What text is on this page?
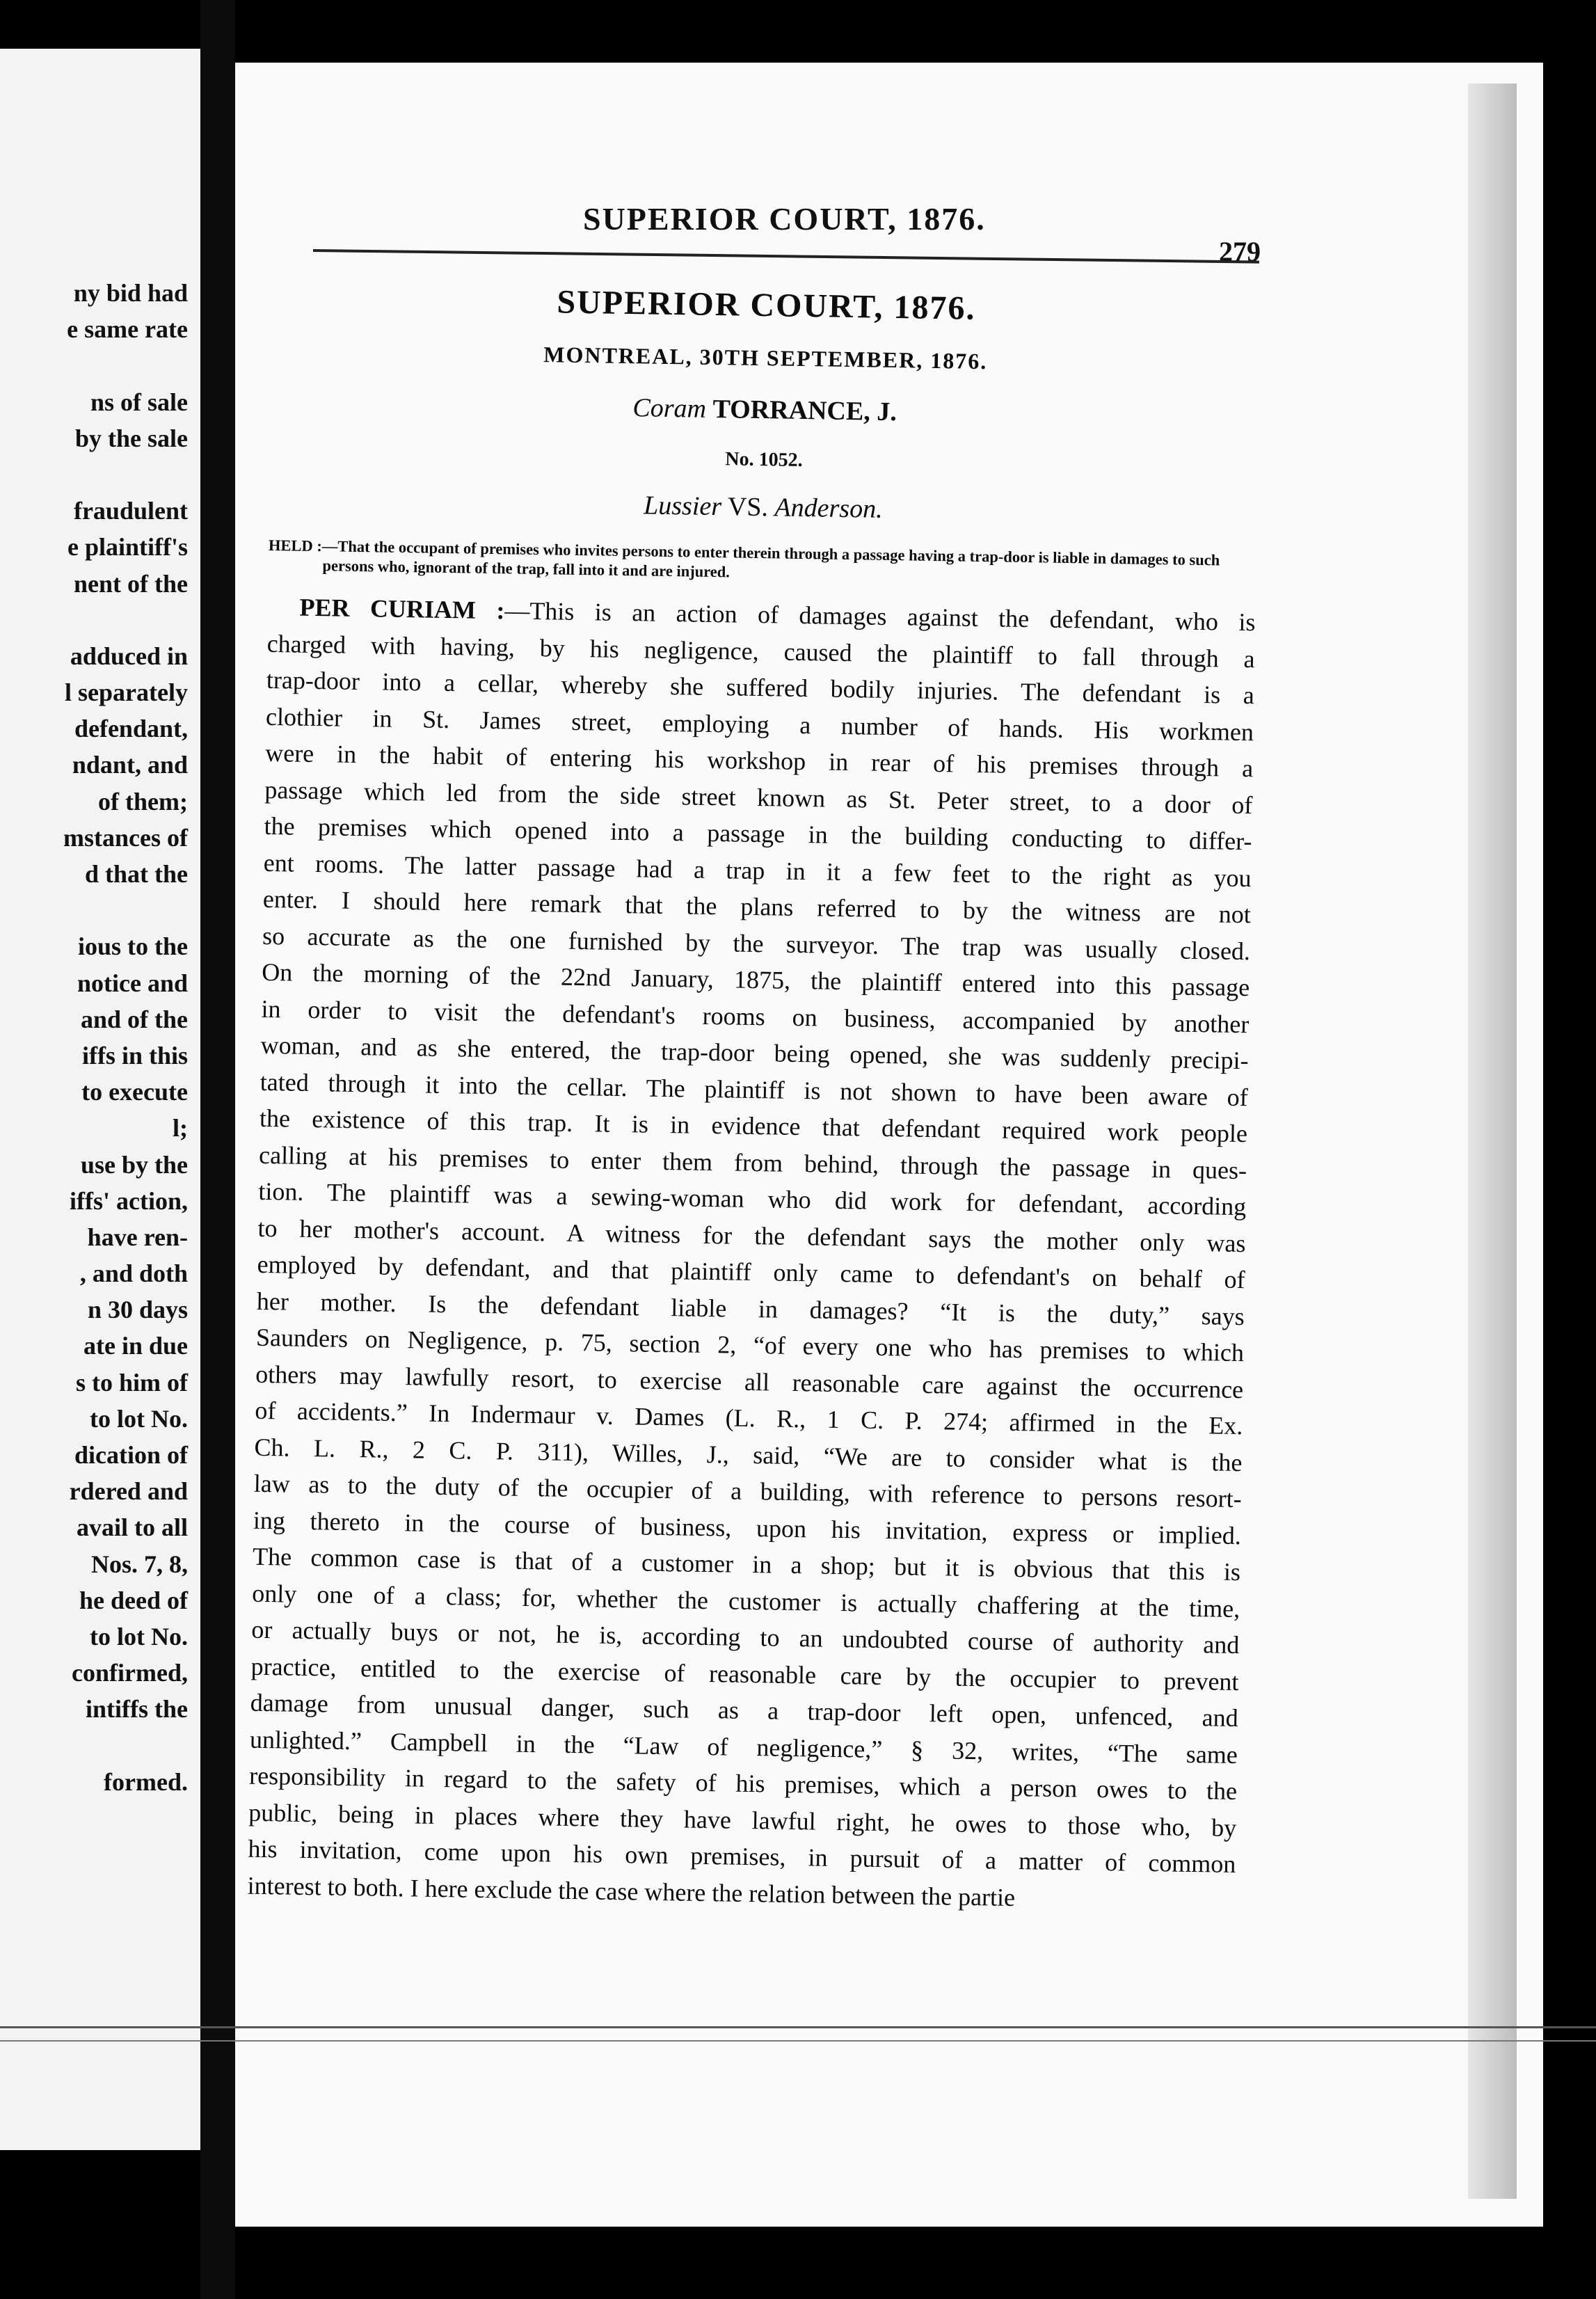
ny bid had
e same rate
ns of sale
by the sale
fraudulent
e plaintiff's
nent of the
adduced in
l separately
defendant,
ndant, and
of them;
mstances of
d that the
ious to the
notice and
and of the
iffs in this
to execute
l;
use by the
iffs' action,
have ren-
, and doth
n 30 days
ate in due
s to him of
to lot No.
dication of
rdered and
avail to all
Nos. 7, 8,
he deed of
to lot No.
confirmed,
intiffs the
formed.
SUPERIOR COURT, 1876.
279
SUPERIOR COURT, 1876.
MONTREAL, 30TH SEPTEMBER, 1876.
Coram TORRANCE, J.
No. 1052.
Lussier VS. Anderson.
HELD :—That the occupant of premises who invites persons to enter therein through a passage having a trap-door is liable in damages to such persons who, ignorant of the trap, fall into it and are injured.
PER CURIAM :—This is an action of damages against the defendant, who is
charged with having, by his negligence, caused the plaintiff to fall through a
trap-door into a cellar, whereby she suffered bodily injuries. The defendant is a
clothier in St. James street, employing a number of hands. His workmen
were in the habit of entering his workshop in rear of his premises through a
passage which led from the side street known as St. Peter street, to a door of
the premises which opened into a passage in the building conducting to differ-
ent rooms. The latter passage had a trap in it a few feet to the right as you
enter. I should here remark that the plans referred to by the witness are not
so accurate as the one furnished by the surveyor. The trap was usually closed.
On the morning of the 22nd January, 1875, the plaintiff entered into this passage
in order to visit the defendant's rooms on business, accompanied by another
woman, and as she entered, the trap-door being opened, she was suddenly precipi-
tated through it into the cellar. The plaintiff is not shown to have been aware of
the existence of this trap. It is in evidence that defendant required work people
calling at his premises to enter them from behind, through the passage in ques-
tion. The plaintiff was a sewing-woman who did work for defendant, according
to her mother's account. A witness for the defendant says the mother only was
employed by defendant, and that plaintiff only came to defendant's on behalf of
her mother. Is the defendant liable in damages? “It is the duty,” says
Saunders on Negligence, p. 75, section 2, “of every one who has premises to which
others may lawfully resort, to exercise all reasonable care against the occurrence
of accidents.” In Indermaur v. Dames (L. R., 1 C. P. 274; affirmed in the Ex.
Ch. L. R., 2 C. P. 311), Willes, J., said, “We are to consider what is the
law as to the duty of the occupier of a building, with reference to persons resort-
ing thereto in the course of business, upon his invitation, express or implied.
The common case is that of a customer in a shop; but it is obvious that this is
only one of a class; for, whether the customer is actually chaffering at the time,
or actually buys or not, he is, according to an undoubted course of authority and
practice, entitled to the exercise of reasonable care by the occupier to prevent
damage from unusual danger, such as a trap-door left open, unfenced, and
unlighted.” Campbell in the “Law of negligence,” § 32, writes, “The same
responsibility in regard to the safety of his premises, which a person owes to the
public, being in places where they have lawful right, he owes to those who, by
his invitation, come upon his own premises, in pursuit of a matter of common
interest to both. I here exclude the case where the relation between the partie
